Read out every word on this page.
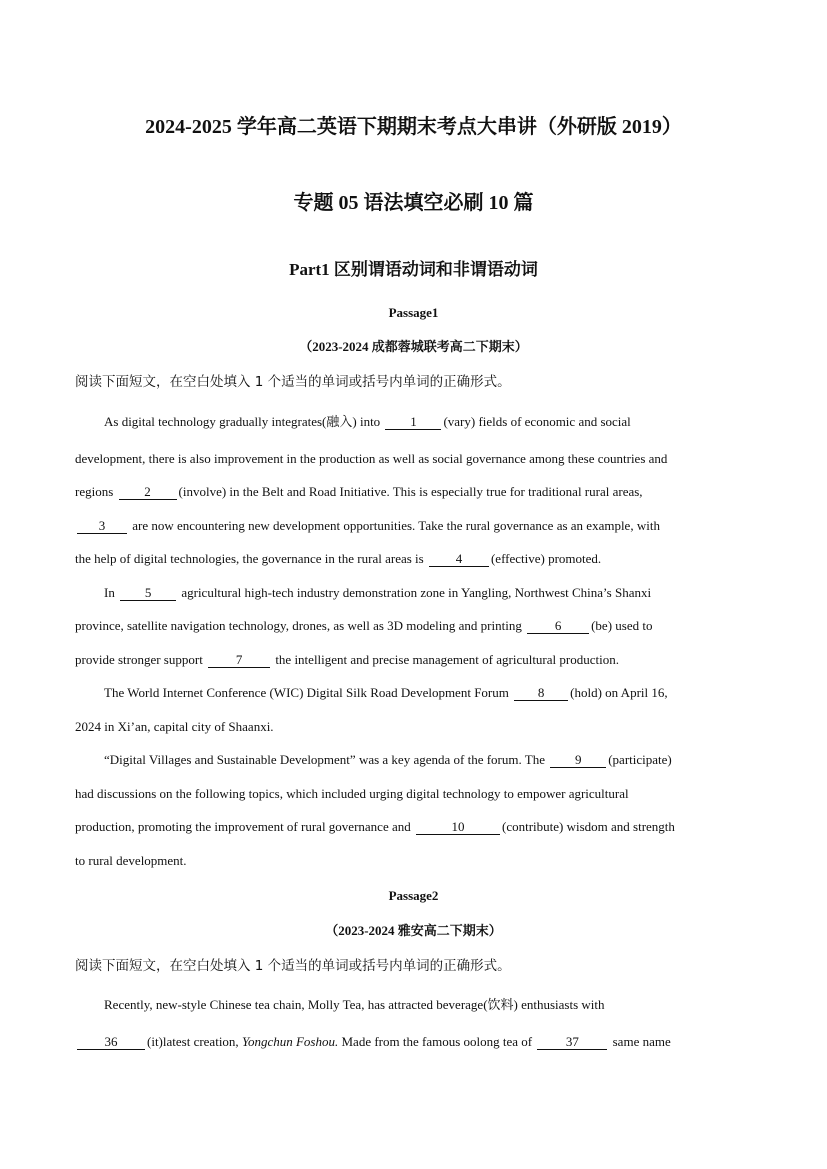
2024-2025 学年高二英语下期期末考点大串讲（外研版 2019）
专题 05 语法填空必刷 10 篇
Part1 区别谓语动词和非谓语动词
Passage1
（2023-2024 成都蓉城联考高二下期末）
阅读下面短文，在空白处填入 1 个适当的单词或括号内单词的正确形式。
As digital technology gradually integrates(融入) into 1 (vary) fields of economic and social
development, there is also improvement in the production as well as social governance among these countries and
regions 2 (involve) in the Belt and Road Initiative. This is especially true for traditional rural areas,
3 are now encountering new development opportunities. Take the rural governance as an example, with
the help of digital technologies, the governance in the rural areas is 4 (effective) promoted.
In 5 agricultural high-tech industry demonstration zone in Yangling, Northwest China’s Shanxi
province, satellite navigation technology, drones, as well as 3D modeling and printing 6 (be) used to
provide stronger support 7 the intelligent and precise management of agricultural production.
The World Internet Conference (WIC) Digital Silk Road Development Forum 8 (hold) on April 16,
2024 in Xi’an, capital city of Shaanxi.
“Digital Villages and Sustainable Development” was a key agenda of the forum. The 9 (participate)
had discussions on the following topics, which included urging digital technology to empower agricultural
production, promoting the improvement of rural governance and	10	(contribute) wisdom and strength
to rural development.
Passage2
（2023-2024 雅安高二下期末）
阅读下面短文，在空白处填入 1 个适当的单词或括号内单词的正确形式。
Recently, new-style Chinese tea chain, Molly Tea, has attracted beverage(饮料) enthusiasts with
36 (it)latest creation, Yongchun Foshou. Made from the famous oolong tea of 37 same name
